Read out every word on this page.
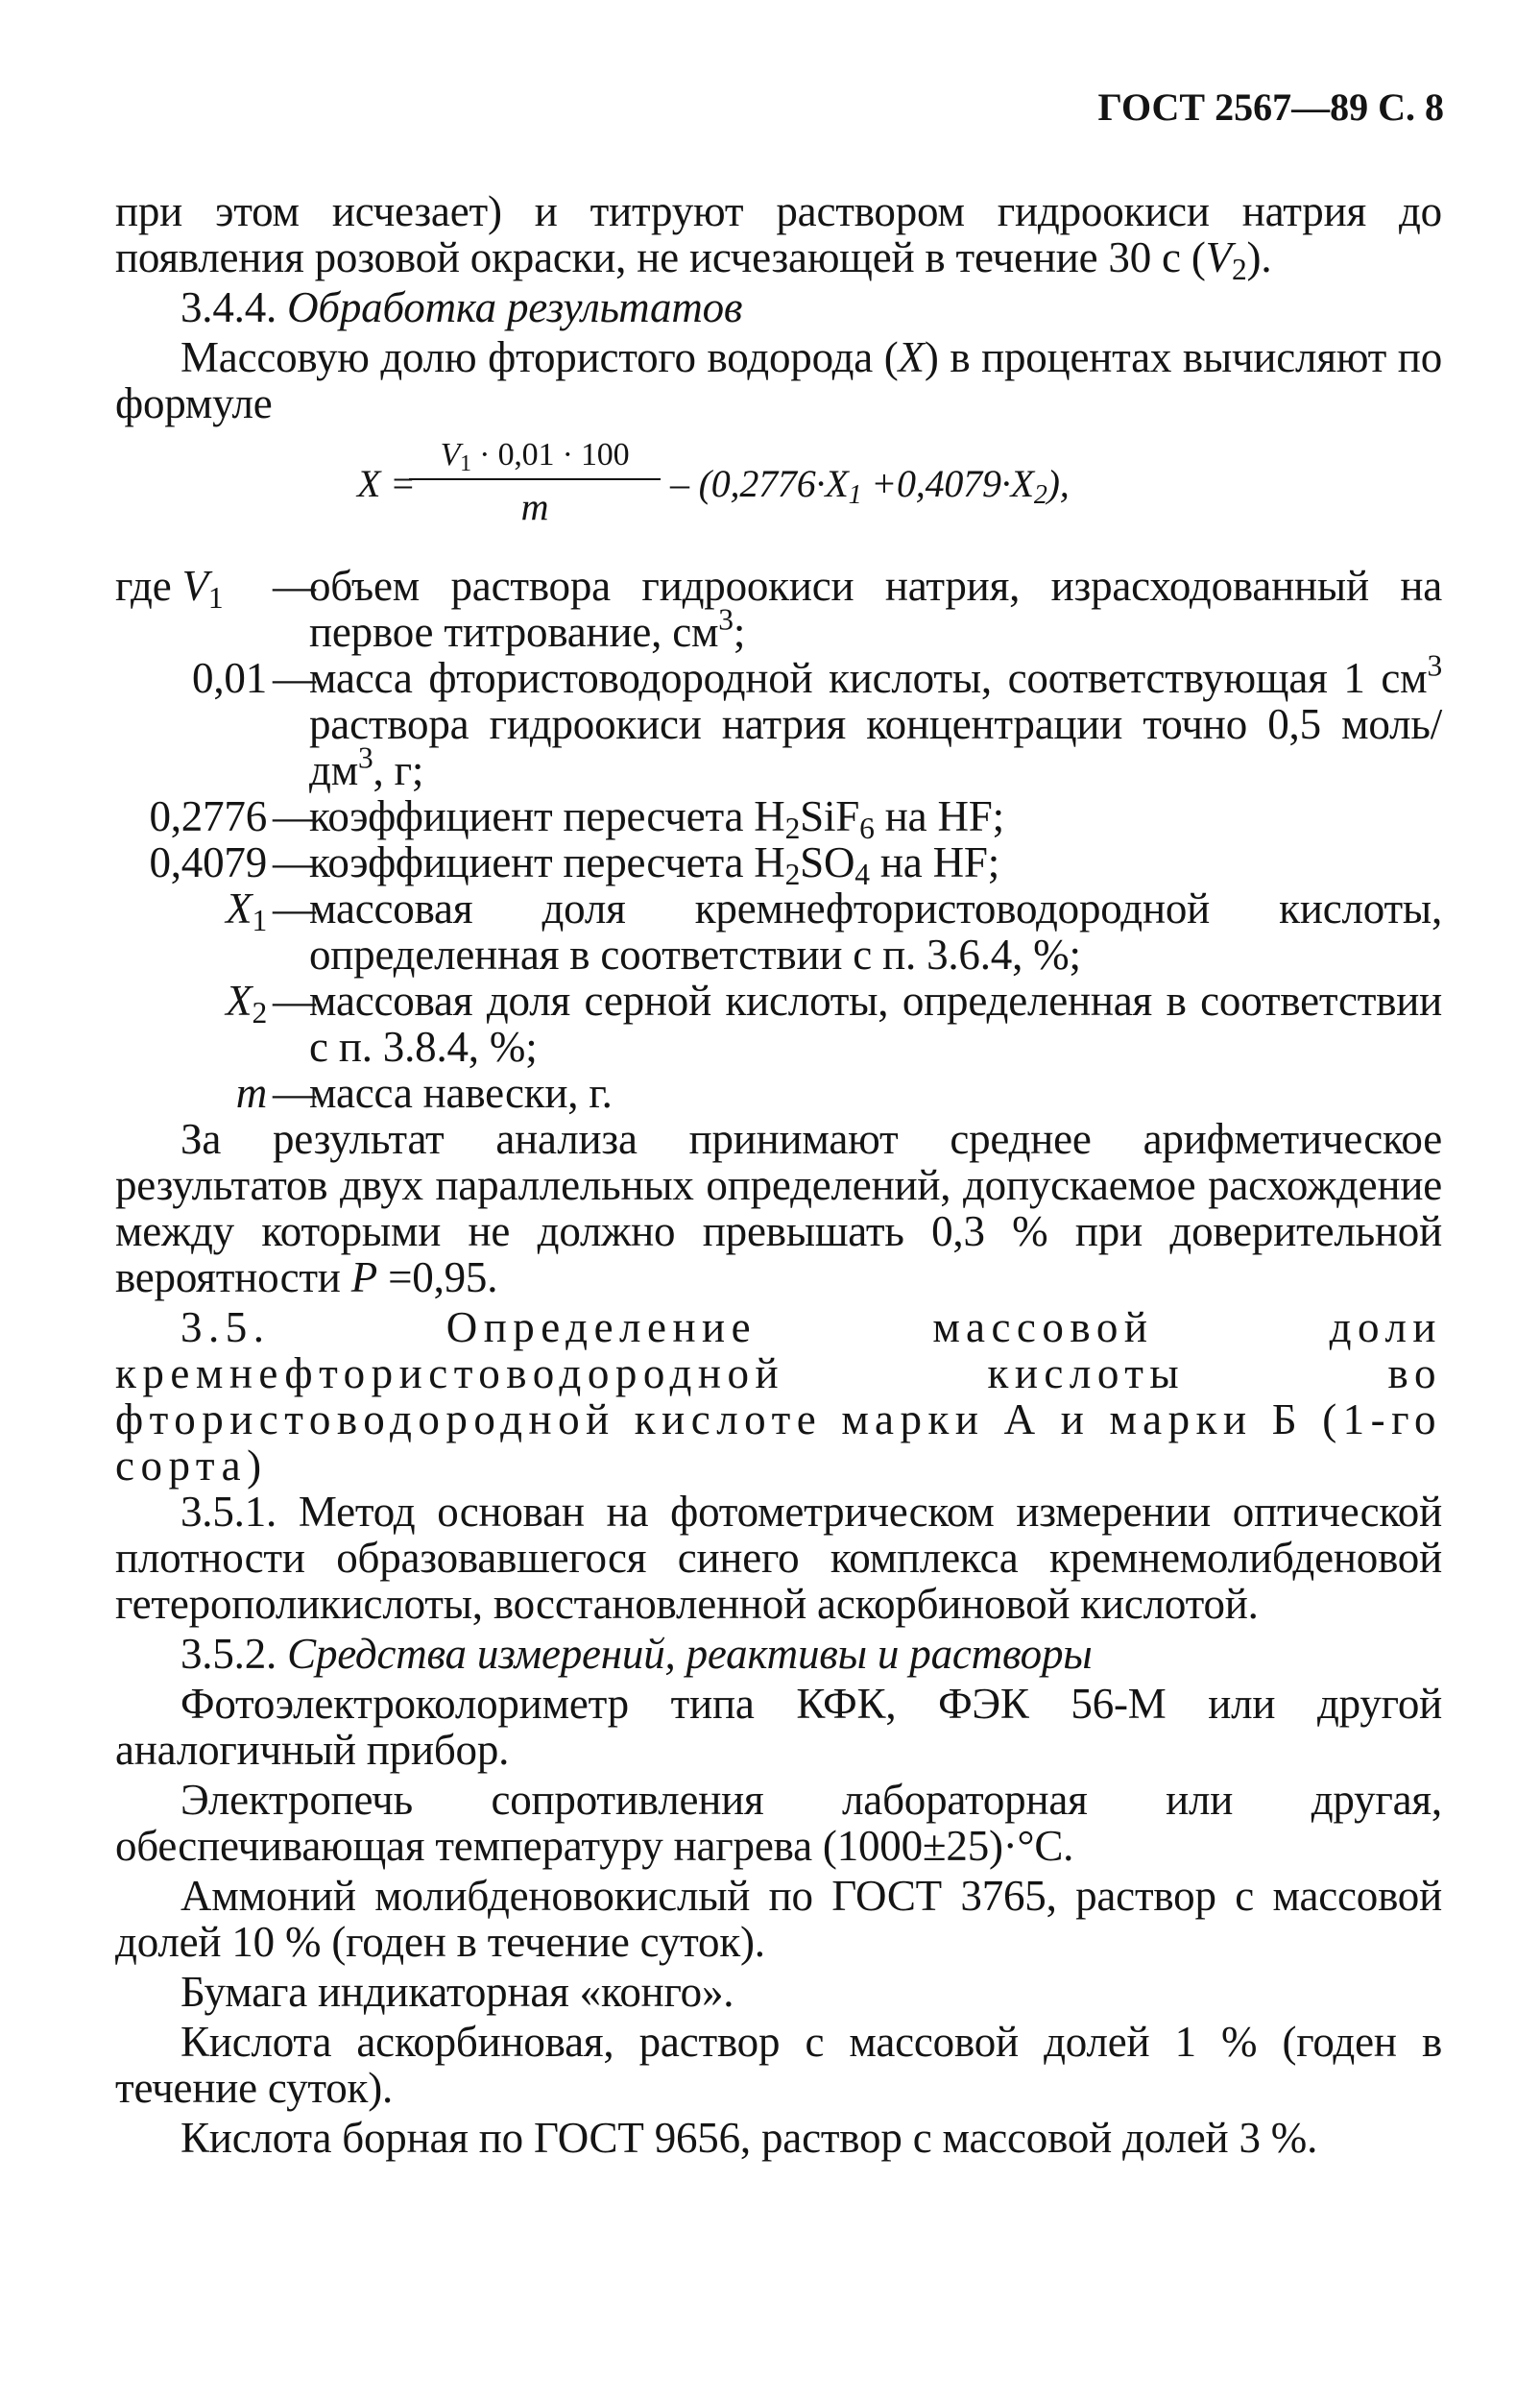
ГОСТ 2567—89 С. 8

при этом исчезает) и титруют раствором гидроокиси натрия до появления розовой окраски, не исчезающей в течение 30 с $(V_2)$.

3.4.4. Обработка результатов

Массовую долю фтористого водорода (X) в процентах вычисляют по формуле

X =
$V_1 \cdot 0,01 \cdot 100$
m
– $(0,2776\cdot X_1 +0,4079\cdot X_2)$,
где $V_1$	—
объем раствора гидроокиси натрия, израсходованный на первое титрование, $см^3$;
0,01 —
масса фтористоводородной кислоты, соответствующая 1 $см^3$ раствора гидроокиси натрия концентрации точно 0,5 моль/$дм^3$, г;
0,2776 —
коэффициент пересчета $H_2SiF_6$ на HF;
0,4079 —
коэффициент пересчета $H_2SO_4$ на HF;
$X_1$ —
массовая доля кремнефтористоводородной кислоты, определенная в соответствии с п. 3.6.4, %;
$X_2$ —
массовая доля серной кислоты, определенная в соответствии с п. 3.8.4, %;
m —
масса навески, г.

За результат анализа принимают среднее арифметическое результатов двух параллельных определений, допускаемое расхождение между которыми не должно превышать 0,3 % при доверительной вероятности P =0,95.

3.5. Определение массовой доли кремнефтористоводородной кислоты во фтористоводородной кислоте марки А и марки Б (1-го сорта)

3.5.1. Метод основан на фотометрическом измерении оптической плотности образовавшегося синего комплекса кремнемолибденовой гетерополикислоты, восстановленной аскорбиновой кислотой.

3.5.2. Средства измерений, реактивы и растворы

Фотоэлектроколориметр типа КФК, ФЭК 56-М или другой аналогичный прибор.

Электропечь сопротивления лабораторная или другая, обеспечивающая температуру нагрева (1000±25)·°С.

Аммоний молибденовокислый по ГОСТ 3765, раствор с массовой долей 10 % (годен в течение суток).

Бумага индикаторная «конго».

Кислота аскорбиновая, раствор с массовой долей 1 % (годен в течение суток).

Кислота борная по ГОСТ 9656, раствор с массовой долей 3 %.
